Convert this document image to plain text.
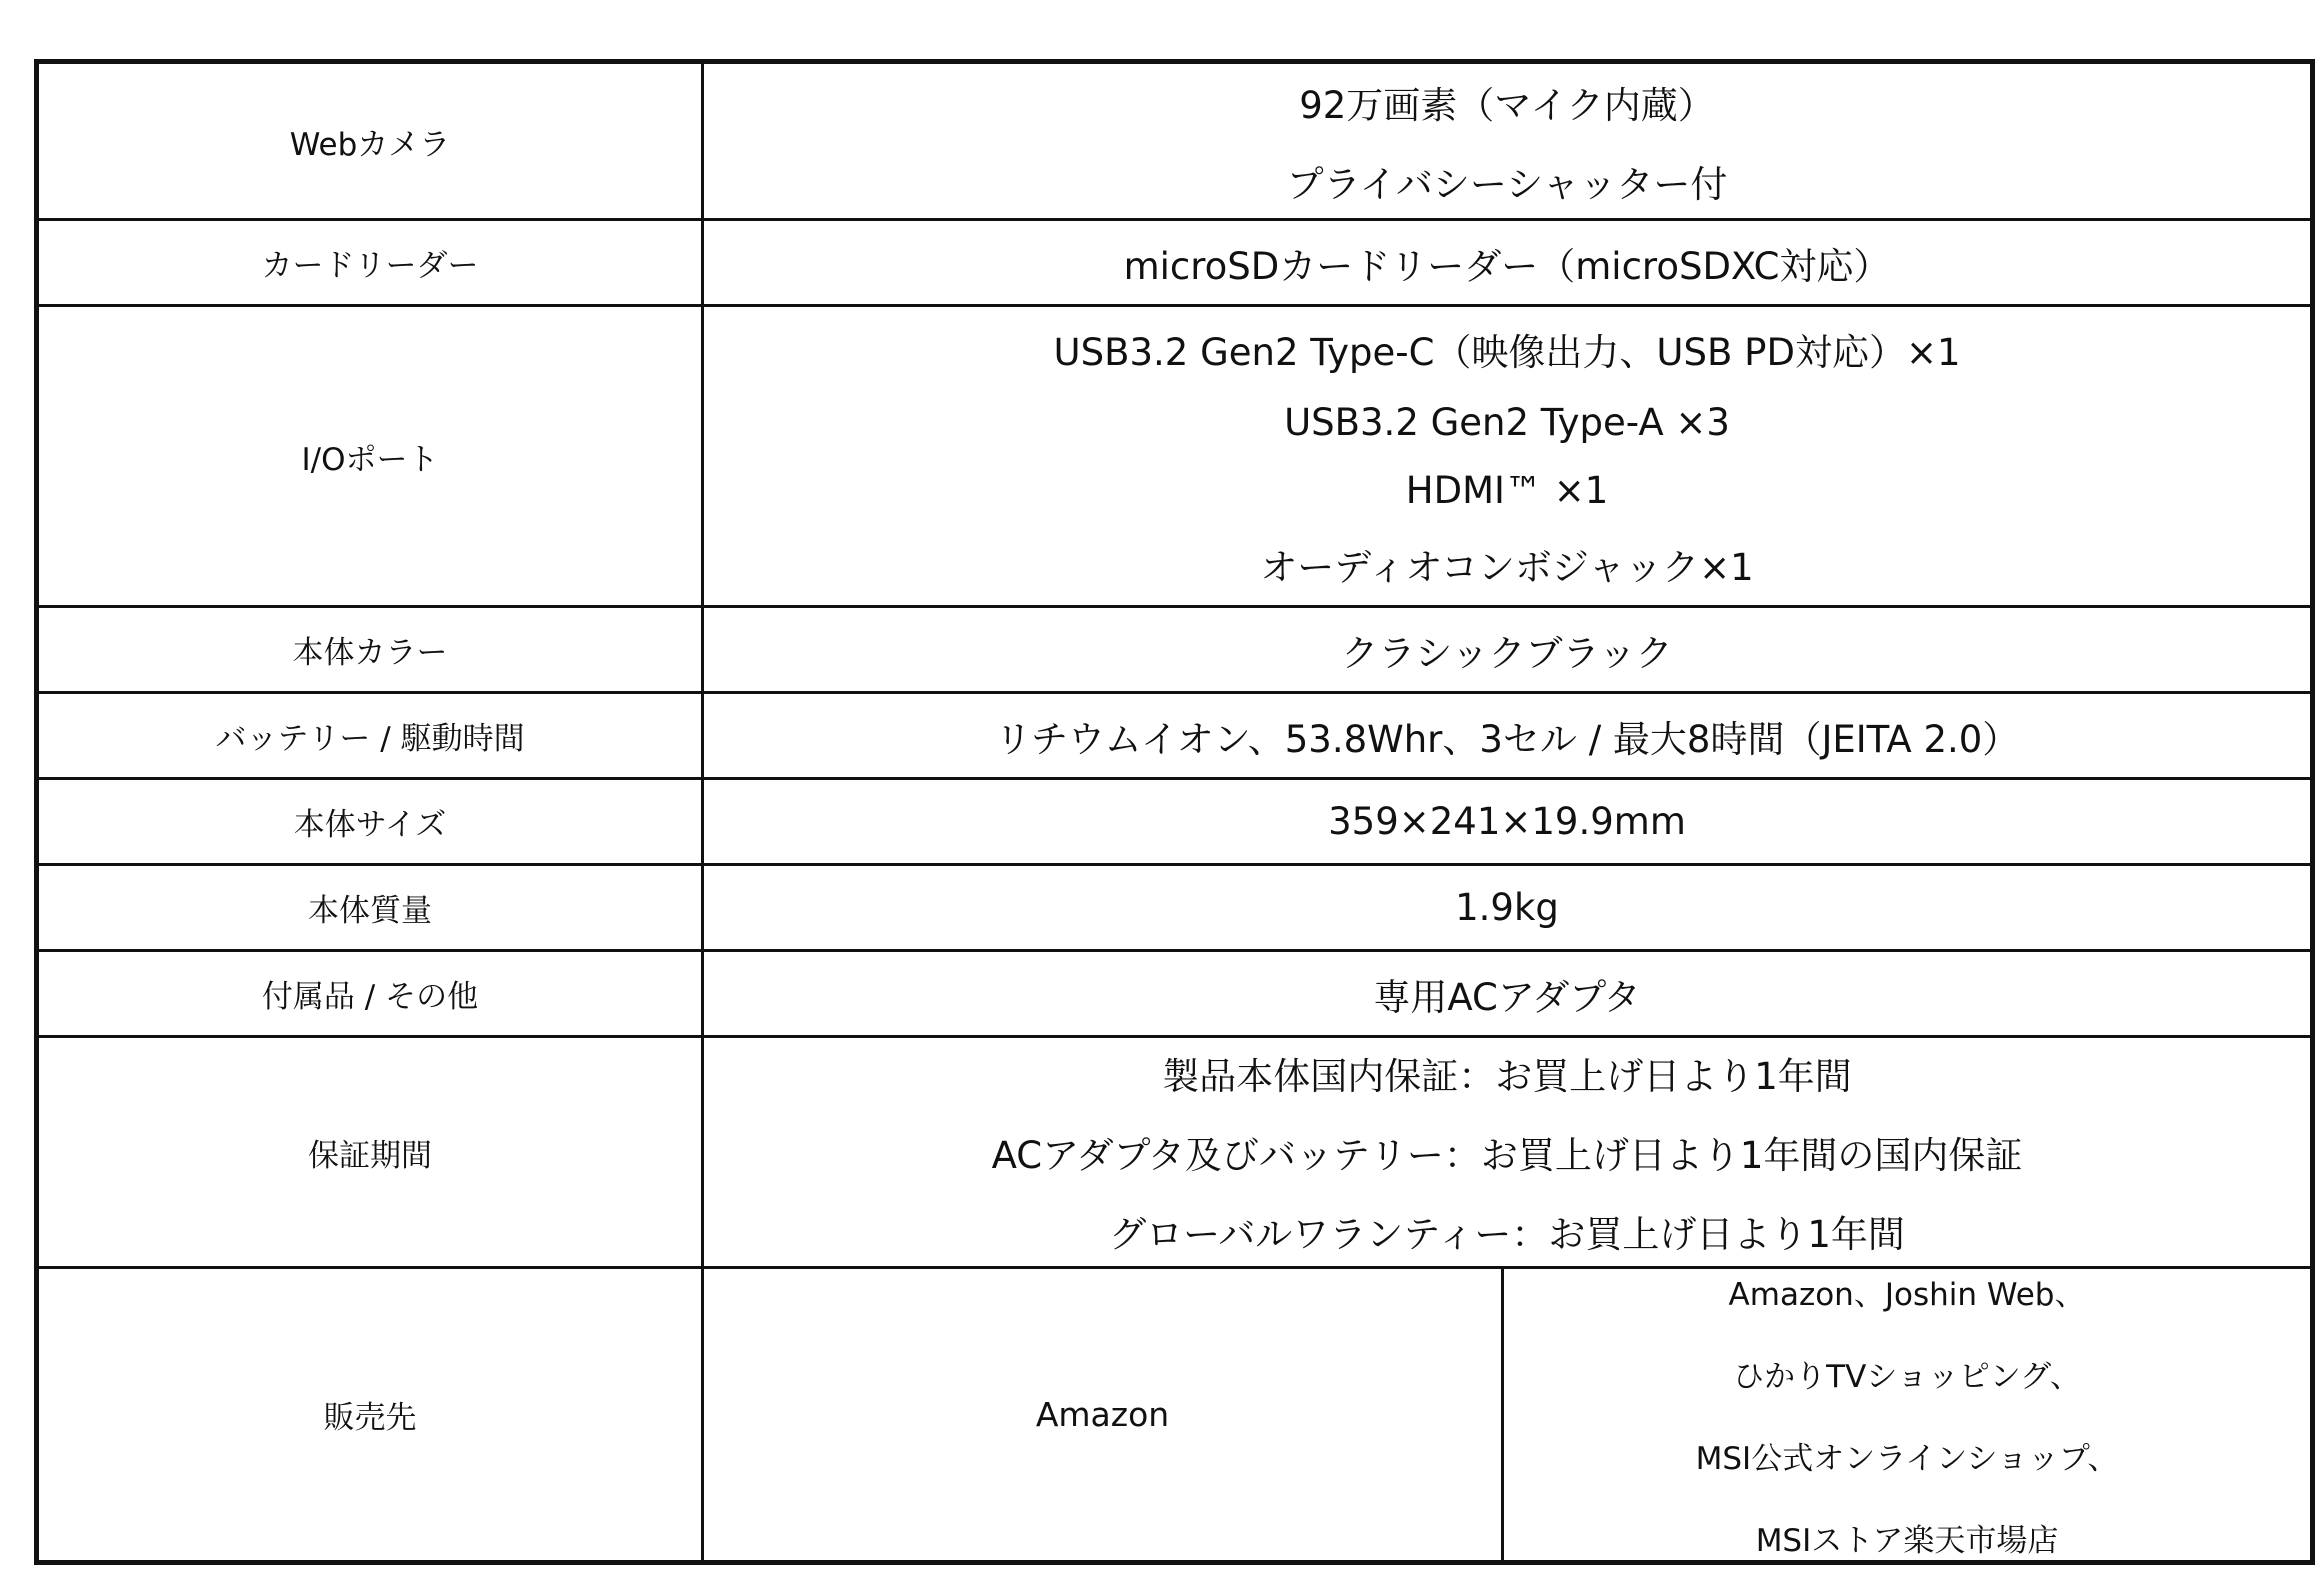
Webカメラ	92万画素（マイク内蔵）
プライバシーシャッター付	

カードリーダー	microSDカードリーダー（microSDXC対応）	
I/Oポート	USB3.2 Gen2 Type-C（映像出力、USB PD対応）×1
USB3.2 Gen2 Type-A ×3
HDMI™ ×1
オーディオコンボジャック×1	

本体カラー	クラシックブラック	
バッテリー / 駆動時間	リチウムイオン、53.8Whr、3セル / 最大8時間（JEITA 2.0）	
本体サイズ	359×241×19.9mm	
本体質量	1.9kg	
付属品 / その他	専用ACアダプタ	
保証期間	製品本体国内保証：お買上げ日より1年間
ACアダプタ及びバッテリー：お買上げ日より1年間の国内保証
グローバルワランティー：お買上げ日より1年間	

販売先	Amazon	Amazon、Joshin Web、
ひかりTVショッピング、
MSI公式オンラインショップ、
MSIストア楽天市場店
